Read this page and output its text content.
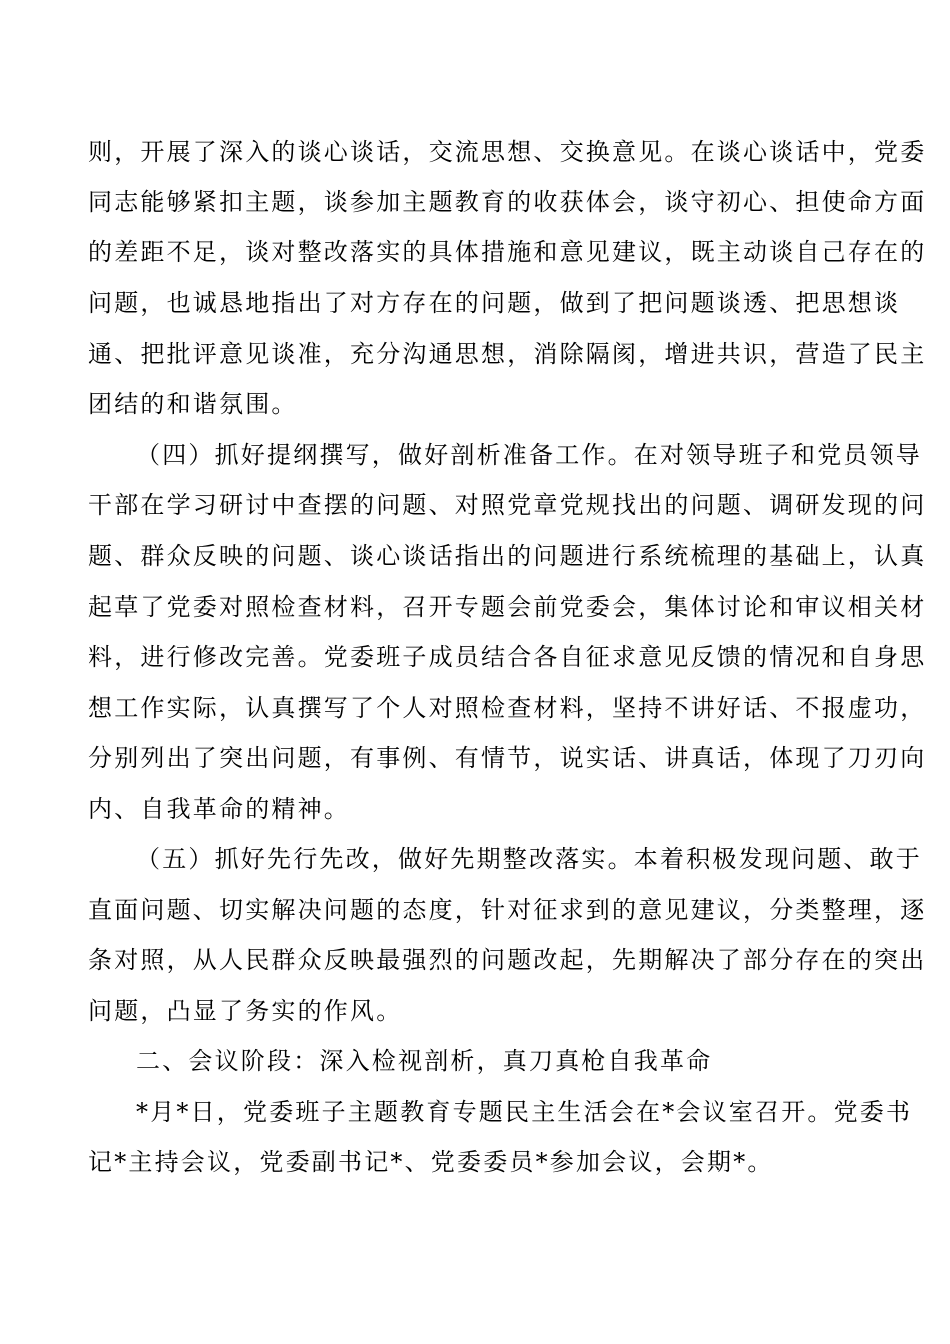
则，开展了深入的谈心谈话，交流思想、交换意见。在谈心谈话中，党委
同志能够紧扣主题，谈参加主题教育的收获体会，谈守初心、担使命方面
的差距不足，谈对整改落实的具体措施和意见建议，既主动谈自己存在的
问题，也诚恳地指出了对方存在的问题，做到了把问题谈透、把思想谈
通、把批评意见谈准，充分沟通思想，消除隔阂，增进共识，营造了民主
团结的和谐氛围。
（四）抓好提纲撰写，做好剖析准备工作。在对领导班子和党员领导
干部在学习研讨中查摆的问题、对照党章党规找出的问题、调研发现的问
题、群众反映的问题、谈心谈话指出的问题进行系统梳理的基础上，认真
起草了党委对照检查材料，召开专题会前党委会，集体讨论和审议相关材
料，进行修改完善。党委班子成员结合各自征求意见反馈的情况和自身思
想工作实际，认真撰写了个人对照检查材料，坚持不讲好话、不报虚功，
分别列出了突出问题，有事例、有情节，说实话、讲真话，体现了刀刃向
内、自我革命的精神。
（五）抓好先行先改，做好先期整改落实。本着积极发现问题、敢于
直面问题、切实解决问题的态度，针对征求到的意见建议，分类整理，逐
条对照，从人民群众反映最强烈的问题改起，先期解决了部分存在的突出
问题，凸显了务实的作风。
二、会议阶段：深入检视剖析，真刀真枪自我革命
*月*日，党委班子主题教育专题民主生活会在*会议室召开。党委书
记*主持会议，党委副书记*、党委委员*参加会议，会期*。
